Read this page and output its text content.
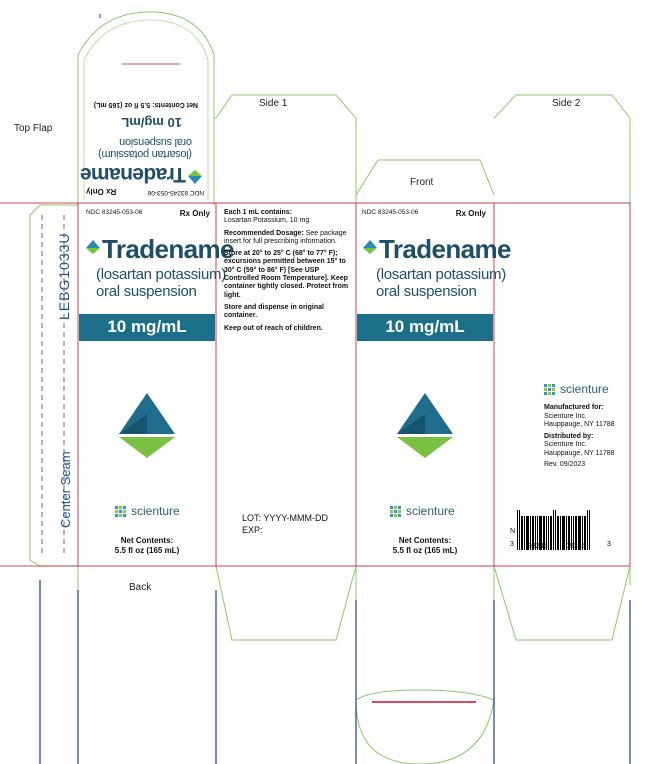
Top Flap
Side 1	Side 2
Front
Back
Center Seam
LEBG1033U
NDC 83245-053-06
Rx Only
Tradename
(losartan potassium)
oral suspension
10 mg/mL
Net Contents: 5.5 fl oz (165 mL)
NDC 83245-053-06	Rx Only
Tradename
(losartan potassium)
oral suspension
10 mg/mL
scienture
Net Contents:
5.5 fl oz (165 mL)

Each 1 mL contains:
Losartan Potassium, 10 mg

Recommended Dosage: See package insert for full prescribing information.

Store at 20° to 25° C (68° to 77° F); excursions permitted between 15° to 30° C (59° to 86° F) [See USP Controlled Room Temperature]. Keep container tightly closed. Protect from light.

Store and dispense in original container.

Keep out of reach of children.

LOT: YYYY-MMM-DD
EXP:
NDC 83245-053-06	Rx Only
Tradename
(losartan potassium)
oral suspension
10 mg/mL
scienture
Net Contents:
5.5 fl oz (165 mL)
scienture

Manufactured for:
Scienture Inc.
Hauppauge, NY 11788

Distributed by:
Scienture Inc.
Hauppauge, NY 11788

Rev. 09/2023

N
3 83245	05306	3
